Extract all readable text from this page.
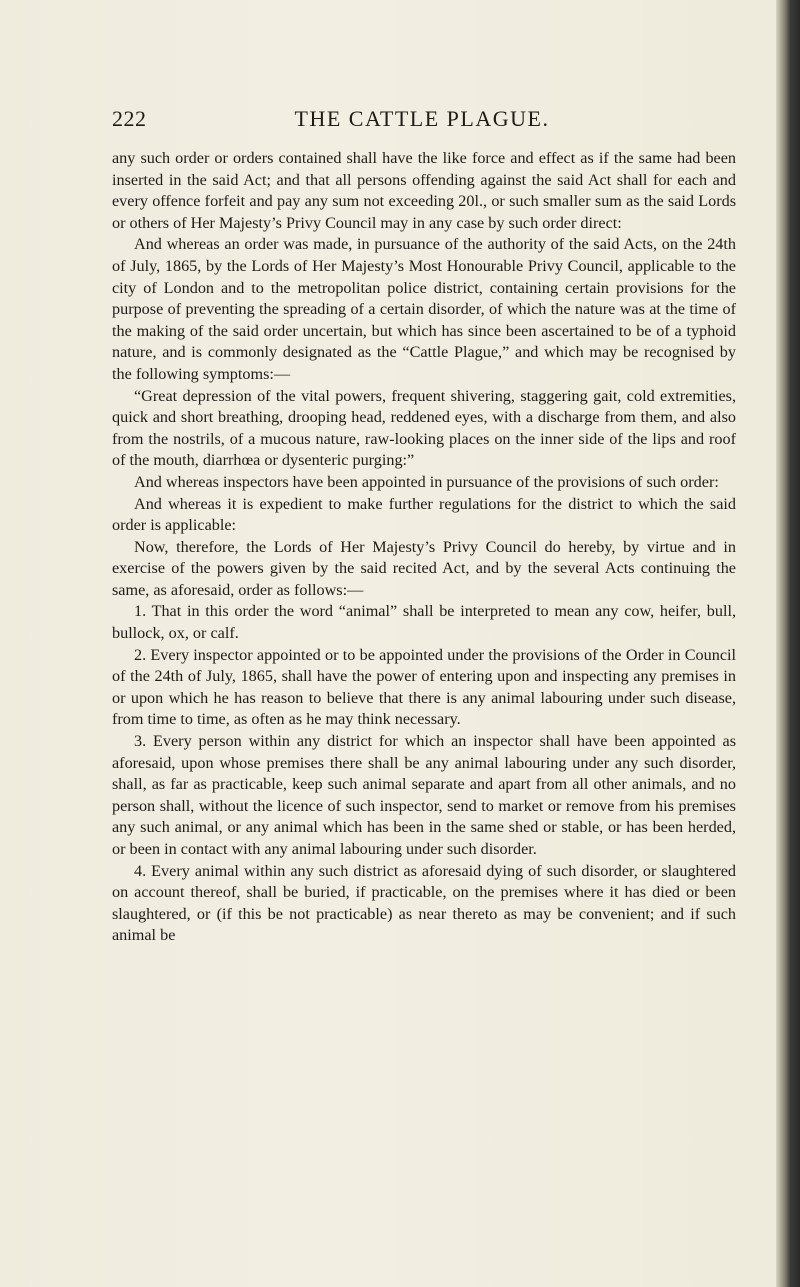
THE CATTLE PLAGUE.
222

any such order or orders contained shall have the like force and effect as if the same had been inserted in the said Act; and that all persons offending against the said Act shall for each and every offence forfeit and pay any sum not exceeding 20l., or such smaller sum as the said Lords or others of Her Majesty’s Privy Council may in any case by such order direct:

And whereas an order was made, in pursuance of the authority of the said Acts, on the 24th of July, 1865, by the Lords of Her Majesty’s Most Honourable Privy Council, applicable to the city of London and to the metropolitan police district, containing certain provisions for the purpose of preventing the spreading of a certain disorder, of which the nature was at the time of the making of the said order uncertain, but which has since been ascertained to be of a typhoid nature, and is commonly designated as the “Cattle Plague,” and which may be recognised by the following symptoms:—

“Great depression of the vital powers, frequent shivering, staggering gait, cold extremities, quick and short breathing, drooping head, reddened eyes, with a discharge from them, and also from the nostrils, of a mucous nature, raw-looking places on the inner side of the lips and roof of the mouth, diarrhœa or dysenteric purging:”

And whereas inspectors have been appointed in pursuance of the provisions of such order:

And whereas it is expedient to make further regulations for the district to which the said order is applicable:

Now, therefore, the Lords of Her Majesty’s Privy Council do hereby, by virtue and in exercise of the powers given by the said recited Act, and by the several Acts continuing the same, as aforesaid, order as follows:—

1. That in this order the word “animal” shall be interpreted to mean any cow, heifer, bull, bullock, ox, or calf.

2. Every inspector appointed or to be appointed under the provisions of the Order in Council of the 24th of July, 1865, shall have the power of entering upon and inspecting any premises in or upon which he has reason to believe that there is any animal labouring under such disease, from time to time, as often as he may think necessary.

3. Every person within any district for which an inspector shall have been appointed as aforesaid, upon whose premises there shall be any animal labouring under any such disorder, shall, as far as practicable, keep such animal separate and apart from all other animals, and no person shall, without the licence of such inspector, send to market or remove from his premises any such animal, or any animal which has been in the same shed or stable, or has been herded, or been in contact with any animal labouring under such disorder.

4. Every animal within any such district as aforesaid dying of such disorder, or slaughtered on account thereof, shall be buried, if practicable, on the premises where it has died or been slaughtered, or (if this be not practicable) as near thereto as may be convenient; and if such animal be
